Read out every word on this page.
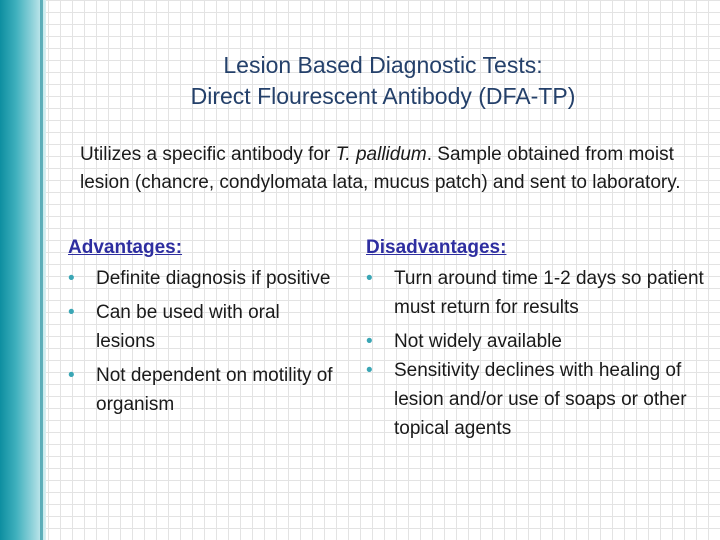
Lesion Based Diagnostic Tests:
Direct Flourescent Antibody (DFA-TP)
Utilizes a specific antibody for T. pallidum. Sample obtained from moist lesion (chancre, condylomata lata, mucus patch) and sent to laboratory.
Advantages:
• Definite diagnosis if positive
• Can be used with oral lesions
• Not dependent on motility of organism
Disadvantages:
• Turn around time 1-2 days so patient must return for results
• Not widely available
• Sensitivity declines with healing of lesion and/or use of soaps or other topical agents
